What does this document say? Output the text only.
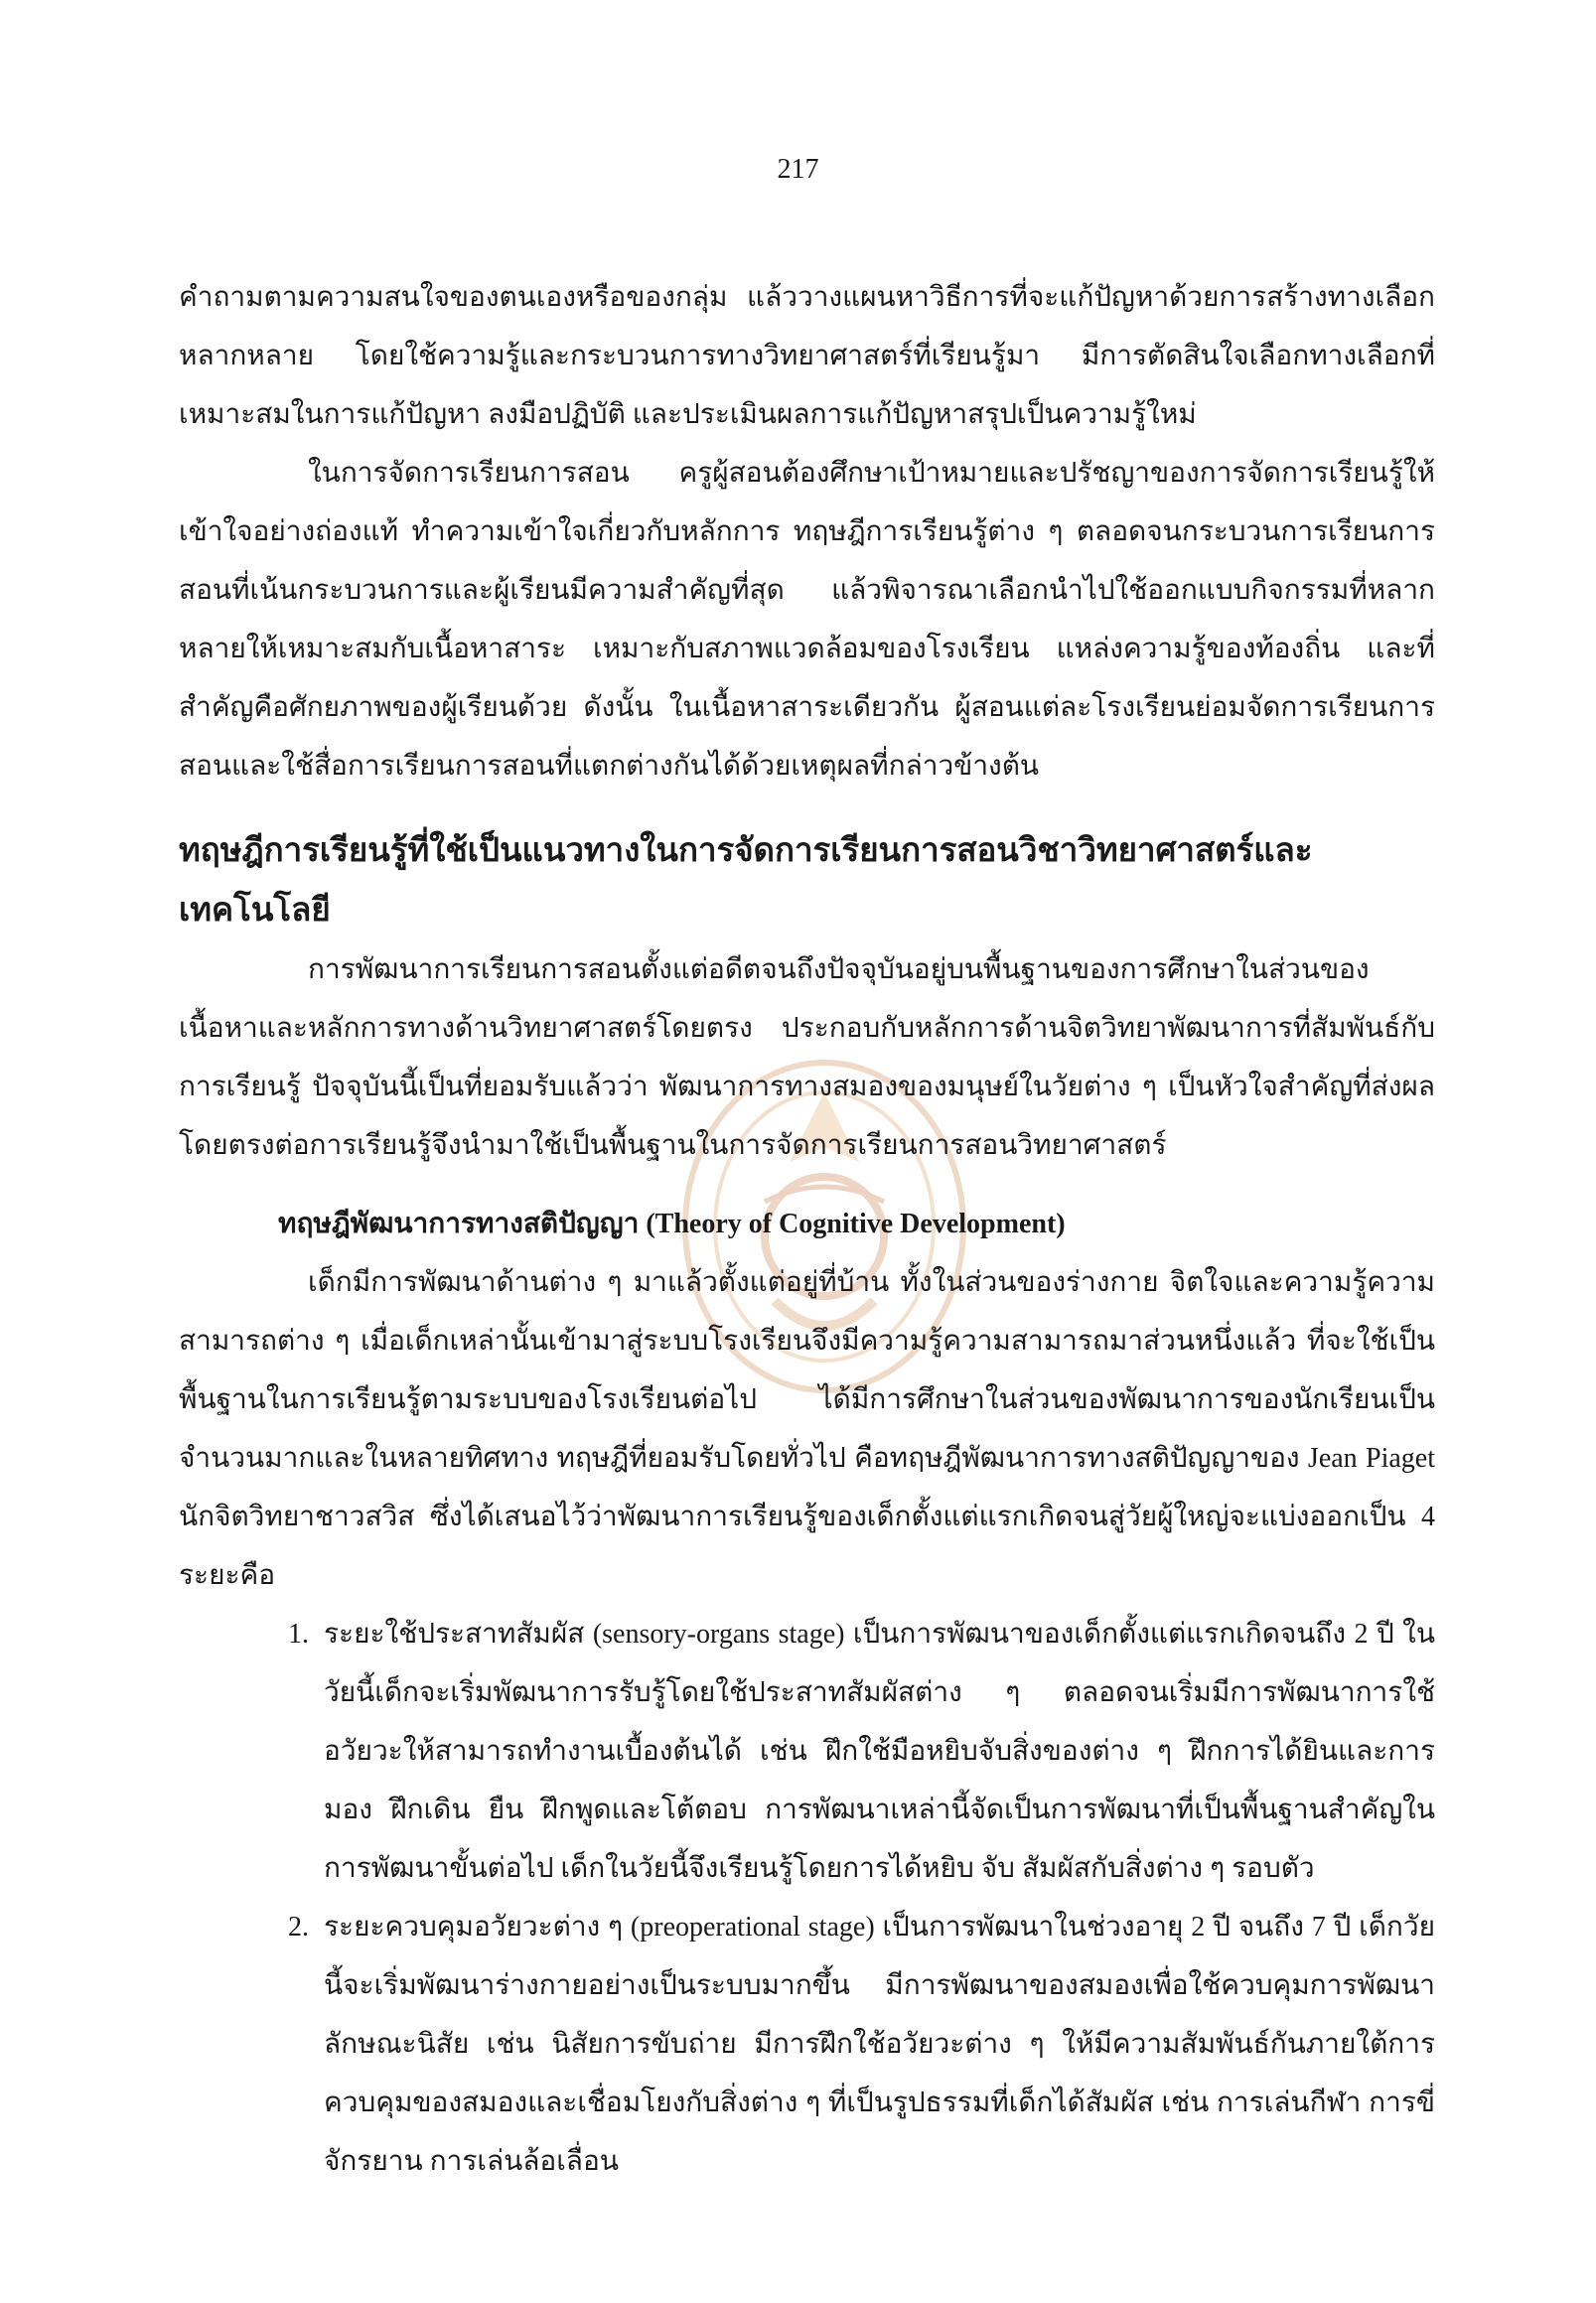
217

คำถามตามความสนใจของตนเองหรือของกลุ่ม แล้ววางแผนหาวิธีการที่จะแก้ปัญหาด้วยการสร้างทางเลือกหลากหลาย โดยใช้ความรู้และกระบวนการทางวิทยาศาสตร์ที่เรียนรู้มา มีการตัดสินใจเลือกทางเลือกที่เหมาะสมในการแก้ปัญหา ลงมือปฏิบัติ และประเมินผลการแก้ปัญหาสรุปเป็นความรู้ใหม่

ในการจัดการเรียนการสอน ครูผู้สอนต้องศึกษาเป้าหมายและปรัชญาของการจัดการเรียนรู้ให้เข้าใจอย่างถ่องแท้ ทำความเข้าใจเกี่ยวกับหลักการ ทฤษฎีการเรียนรู้ต่าง ๆ ตลอดจนกระบวนการเรียนการสอนที่เน้นกระบวนการและผู้เรียนมีความสำคัญที่สุด แล้วพิจารณาเลือกนำไปใช้ออกแบบกิจกรรมที่หลากหลายให้เหมาะสมกับเนื้อหาสาระ เหมาะกับสภาพแวดล้อมของโรงเรียน แหล่งความรู้ของท้องถิ่น และที่สำคัญคือศักยภาพของผู้เรียนด้วย ดังนั้น ในเนื้อหาสาระเดียวกัน ผู้สอนแต่ละโรงเรียนย่อมจัดการเรียนการสอนและใช้สื่อการเรียนการสอนที่แตกต่างกันได้ด้วยเหตุผลที่กล่าวข้างต้น

ทฤษฎีการเรียนรู้ที่ใช้เป็นแนวทางในการจัดการเรียนการสอนวิชาวิทยาศาสตร์และเทคโนโลยี

การพัฒนาการเรียนการสอนตั้งแต่อดีตจนถึงปัจจุบันอยู่บนพื้นฐานของการศึกษาในส่วนของเนื้อหาและหลักการทางด้านวิทยาศาสตร์โดยตรง ประกอบกับหลักการด้านจิตวิทยาพัฒนาการที่สัมพันธ์กับการเรียนรู้ ปัจจุบันนี้เป็นที่ยอมรับแล้วว่า พัฒนาการทางสมองของมนุษย์ในวัยต่าง ๆ เป็นหัวใจสำคัญที่ส่งผลโดยตรงต่อการเรียนรู้จึงนำมาใช้เป็นพื้นฐานในการจัดการเรียนการสอนวิทยาศาสตร์

ทฤษฎีพัฒนาการทางสติปัญญา (Theory of Cognitive Development)

เด็กมีการพัฒนาด้านต่าง ๆ มาแล้วตั้งแต่อยู่ที่บ้าน ทั้งในส่วนของร่างกาย จิตใจและความรู้ความสามารถต่าง ๆ เมื่อเด็กเหล่านั้นเข้ามาสู่ระบบโรงเรียนจึงมีความรู้ความสามารถมาส่วนหนึ่งแล้ว ที่จะใช้เป็นพื้นฐานในการเรียนรู้ตามระบบของโรงเรียนต่อไป ได้มีการศึกษาในส่วนของพัฒนาการของนักเรียนเป็นจำนวนมากและในหลายทิศทาง ทฤษฎีที่ยอมรับโดยทั่วไป คือทฤษฎีพัฒนาการทางสติปัญญาของ Jean Piaget นักจิตวิทยาชาวสวิส ซึ่งได้เสนอไว้ว่าพัฒนาการเรียนรู้ของเด็กตั้งแต่แรกเกิดจนสู่วัยผู้ใหญ่จะแบ่งออกเป็น 4 ระยะคือ

1. ระยะใช้ประสาทสัมผัส (sensory-organs stage) เป็นการพัฒนาของเด็กตั้งแต่แรกเกิดจนถึง 2 ปี ในวัยนี้เด็กจะเริ่มพัฒนาการรับรู้โดยใช้ประสาทสัมผัสต่าง ๆ ตลอดจนเริ่มมีการพัฒนาการใช้อวัยวะให้สามารถทำงานเบื้องต้นได้ เช่น ฝึกใช้มือหยิบจับสิ่งของต่าง ๆ ฝึกการได้ยินและการมอง ฝึกเดิน ยืน ฝึกพูดและโต้ตอบ การพัฒนาเหล่านี้จัดเป็นการพัฒนาที่เป็นพื้นฐานสำคัญในการพัฒนาขั้นต่อไป เด็กในวัยนี้จึงเรียนรู้โดยการได้หยิบ จับ สัมผัสกับสิ่งต่าง ๆ รอบตัว
2. ระยะควบคุมอวัยวะต่าง ๆ (preoperational stage) เป็นการพัฒนาในช่วงอายุ 2 ปี จนถึง 7 ปี เด็กวัยนี้จะเริ่มพัฒนาร่างกายอย่างเป็นระบบมากขึ้น มีการพัฒนาของสมองเพื่อใช้ควบคุมการพัฒนาลักษณะนิสัย เช่น นิสัยการขับถ่าย มีการฝึกใช้อวัยวะต่าง ๆ ให้มีความสัมพันธ์กันภายใต้การควบคุมของสมองและเชื่อมโยงกับสิ่งต่าง ๆ ที่เป็นรูปธรรมที่เด็กได้สัมผัส เช่น การเล่นกีฬา การขี่จักรยาน การเล่นล้อเลื่อน
